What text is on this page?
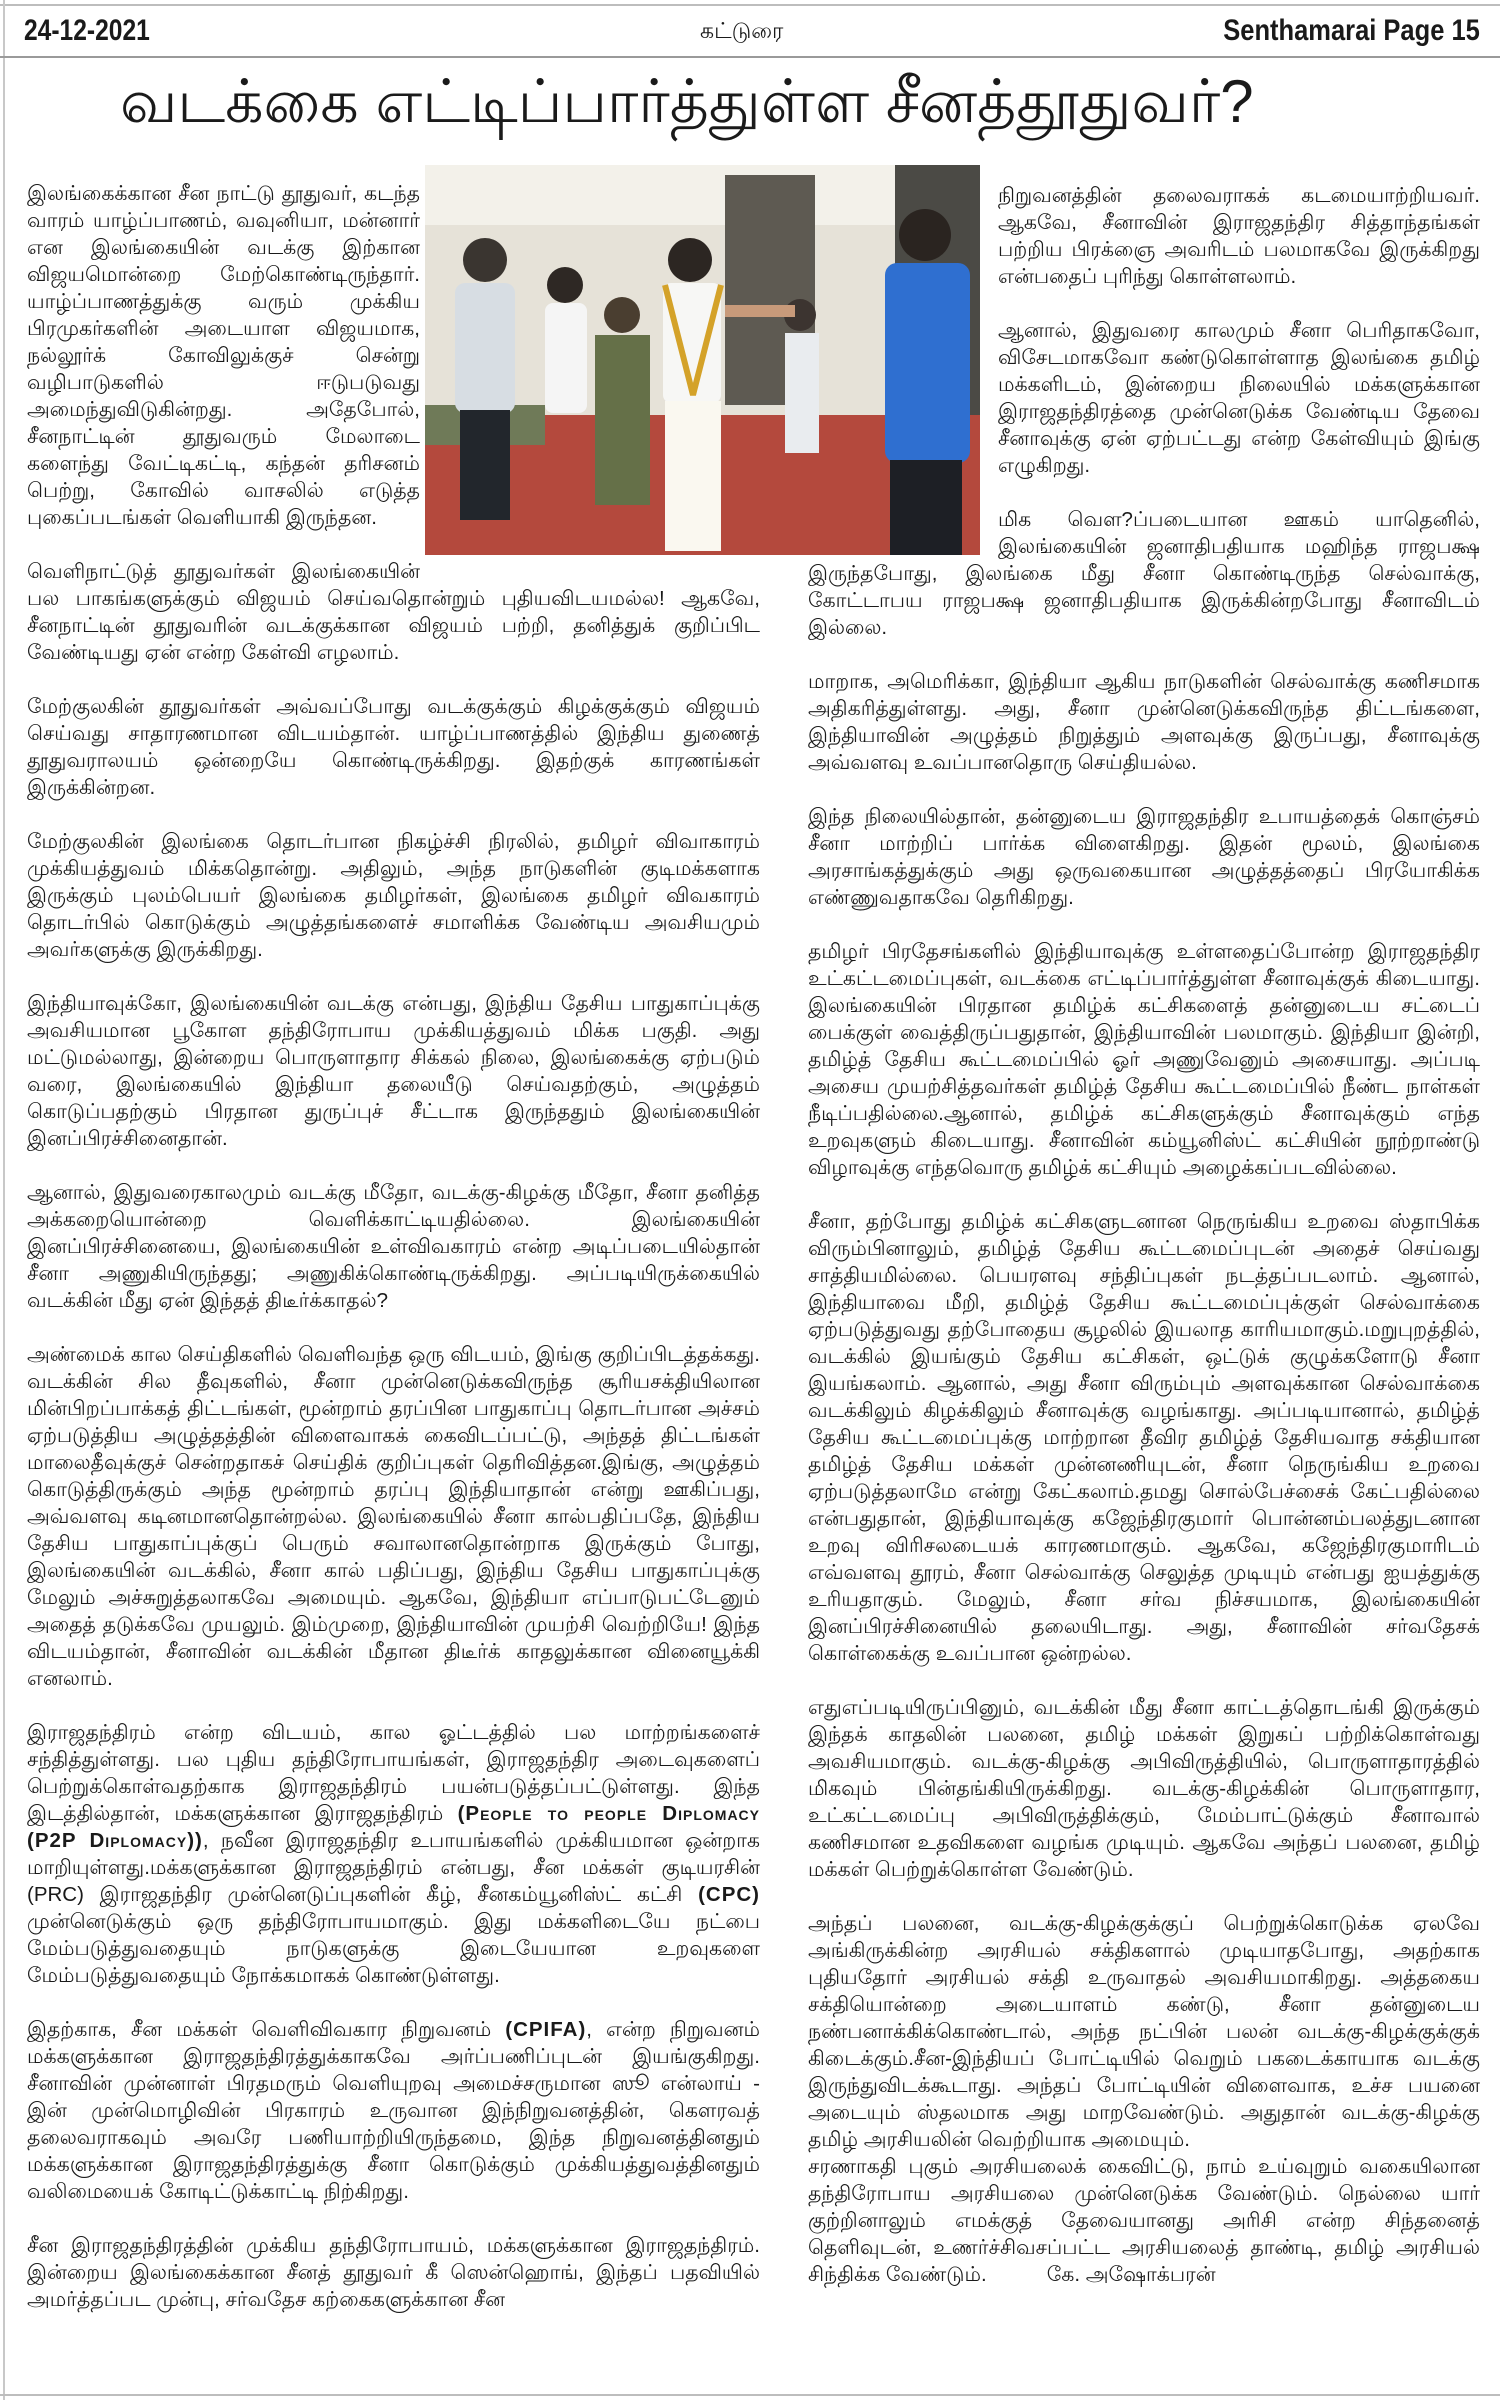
24-12-2021	கட்டுரை	Senthamarai Page 15
வடக்கை எட்டிப்பார்த்துள்ள சீனத்தூதுவர்?

இலங்கைக்கான சீன நாட்டு தூதுவர், கடந்த வாரம் யாழ்ப்பாணம், வவுனியா, மன்னார் என இலங்கையின் வடக்கு இற்கான விஜயமொன்றை மேற்கொண்டிருந்தார். யாழ்ப்பாணத்துக்கு வரும் முக்கிய பிரமுகர்களின் அடையாள விஜயமாக, நல்லூர்க் கோவிலுக்குச் சென்று வழிபாடுகளில் ஈடுபடுவது அமைந்துவிடுகின்றது. அதேபோல், சீனநாட்டின் தூதுவரும் மேலாடை களைந்து வேட்டிகட்டி, கந்தன் தரிசனம் பெற்று, கோவில் வாசலில் எடுத்த புகைப்படங்கள் வெளியாகி இருந்தன.

வெளிநாட்டுத் தூதுவர்கள் இலங்கையின் பல பாகங்களுக்கும் விஜயம் செய்வதொன்றும் புதியவிடயமல்ல! ஆகவே, சீனநாட்டின் தூதுவரின் வடக்குக்கான விஜயம் பற்றி, தனித்துக் குறிப்பிட வேண்டியது ஏன் என்ற கேள்வி எழலாம்.

மேற்குலகின் தூதுவர்கள் அவ்வப்போது வடக்குக்கும் கிழக்குக்கும் விஜயம் செய்வது சாதாரணமான விடயம்தான். யாழ்ப்பாணத்தில் இந்திய துணைத் தூதுவராலயம் ஒன்றையே கொண்டிருக்கிறது. இதற்குக் காரணங்கள் இருக்கின்றன.

மேற்குலகின் இலங்கை தொடர்பான நிகழ்ச்சி நிரலில், தமிழர் விவாகாரம் முக்கியத்துவம் மிக்கதொன்று. அதிலும், அந்த நாடுகளின் குடிமக்களாக இருக்கும் புலம்பெயர் இலங்கை தமிழர்கள், இலங்கை தமிழர் விவகாரம் தொடர்பில் கொடுக்கும் அழுத்தங்களைச் சமாளிக்க வேண்டிய அவசியமும் அவர்களுக்கு இருக்கிறது.

இந்தியாவுக்கோ, இலங்கையின் வடக்கு என்பது, இந்திய தேசிய பாதுகாப்புக்கு அவசியமான பூகோள தந்திரோபாய முக்கியத்துவம் மிக்க பகுதி. அது மட்டுமல்லாது, இன்றைய பொருளாதார சிக்கல் நிலை, இலங்கைக்கு ஏற்படும் வரை, இலங்கையில் இந்தியா தலையீடு செய்வதற்கும், அழுத்தம் கொடுப்பதற்கும் பிரதான துருப்புச் சீட்டாக இருந்ததும் இலங்கையின் இனப்பிரச்சினைதான்.

ஆனால், இதுவரைகாலமும் வடக்கு மீதோ, வடக்கு-கிழக்கு மீதோ, சீனா தனித்த அக்கறையொன்றை வெளிக்காட்டியதில்லை. இலங்கையின் இனப்பிரச்சினையை, இலங்கையின் உள்விவகாரம் என்ற அடிப்படையில்தான் சீனா அணுகியிருந்தது; அணுகிக்கொண்டிருக்கிறது. அப்படியிருக்கையில் வடக்கின் மீது ஏன் இந்தத் திடீர்க்காதல்?

அண்மைக் கால செய்திகளில் வெளிவந்த ஒரு விடயம், இங்கு குறிப்பிடத்தக்கது. வடக்கின் சில தீவுகளில், சீனா முன்னெடுக்கவிருந்த சூரியசக்தியிலான மின்பிறப்பாக்கத் திட்டங்கள், மூன்றாம் தரப்பின பாதுகாப்பு தொடர்பான அச்சம் ஏற்படுத்திய அழுத்தத்தின் விளைவாகக் கைவிடப்பட்டு, அந்தத் திட்டங்கள் மாலைதீவுக்குச் சென்றதாகச் செய்திக் குறிப்புகள் தெரிவித்தன.இங்கு, அழுத்தம் கொடுத்திருக்கும் அந்த மூன்றாம் தரப்பு இந்தியாதான் என்று ஊகிப்பது, அவ்வளவு கடினமானதொன்றல்ல. இலங்கையில் சீனா கால்பதிப்பதே, இந்திய தேசிய பாதுகாப்புக்குப் பெரும் சவாலானதொன்றாக இருக்கும் போது, இலங்கையின் வடக்கில், சீனா கால் பதிப்பது, இந்திய தேசிய பாதுகாப்புக்கு மேலும் அச்சுறுத்தலாகவே அமையும். ஆகவே, இந்தியா எப்பாடுபட்டேனும் அதைத் தடுக்கவே முயலும். இம்முறை, இந்தியாவின் முயற்சி வெற்றியே! இந்த விடயம்தான், சீனாவின் வடக்கின் மீதான திடீர்க் காதலுக்கான வினையூக்கி எனலாம்.

இராஜதந்திரம் என்ற விடயம், கால ஓட்டத்தில் பல மாற்றங்களைச் சந்தித்துள்ளது. பல புதிய தந்திரோபாயங்கள், இராஜதந்திர அடைவுகளைப் பெற்றுக்கொள்வதற்காக இராஜதந்திரம் பயன்படுத்தப்பட்டுள்ளது. இந்த இடத்தில்தான், மக்களுக்கான இராஜதந்திரம் (People to people Diplomacy (P2P Diplomacy)), நவீன இராஜதந்திர உபாயங்களில் முக்கியமான ஒன்றாக மாறியுள்ளது.மக்களுக்கான இராஜதந்திரம் என்பது, சீன மக்கள் குடியரசின் (PRC) இராஜதந்திர முன்னெடுப்புகளின் கீழ், சீனகம்யூனிஸ்ட் கட்சி (CPC) முன்னெடுக்கும் ஒரு தந்திரோபாயமாகும். இது மக்களிடையே நட்பை மேம்படுத்துவதையும் நாடுகளுக்கு இடையேயான உறவுகளை மேம்படுத்துவதையும் நோக்கமாகக் கொண்டுள்ளது.

இதற்காக, சீன மக்கள் வெளிவிவகார நிறுவனம் (CPIFA), என்ற நிறுவனம் மக்களுக்கான இராஜதந்திரத்துக்காகவே அர்ப்பணிப்புடன் இயங்குகிறது. சீனாவின் முன்னாள் பிரதமரும் வெளியுறவு அமைச்சருமான ஸூ என்லாய் - இன் முன்மொழிவின் பிரகாரம் உருவான இந்நிறுவனத்தின், கௌரவத் தலைவராகவும் அவரே பணியாற்றியிருந்தமை, இந்த நிறுவனத்தினதும் மக்களுக்கான இராஜதந்திரத்துக்கு சீனா கொடுக்கும் முக்கியத்துவத்தினதும் வலிமையைக் கோடிட்டுக்காட்டி நிற்கிறது.

சீன இராஜதந்திரத்தின் முக்கிய தந்திரோபாயம், மக்களுக்கான இராஜதந்திரம். இன்றைய இலங்கைக்கான சீனத் தூதுவர் கீ ஸென்ஹொங், இந்தப் பதவியில் அமர்த்தப்பட முன்பு, சர்வதேச கற்கைகளுக்கான சீன

நிறுவனத்தின் தலைவராகக் கடமையாற்றியவர். ஆகவே, சீனாவின் இராஜதந்திர சித்தாந்தங்கள் பற்றிய பிரக்ஞை அவரிடம் பலமாகவே இருக்கிறது என்பதைப் புரிந்து கொள்ளலாம்.

ஆனால், இதுவரை காலமும் சீனா பெரிதாகவோ, விசேடமாகவோ கண்டுகொள்ளாத இலங்கை தமிழ் மக்களிடம், இன்றைய நிலையில் மக்களுக்கான இராஜதந்திரத்தை முன்னெடுக்க வேண்டிய தேவை சீனாவுக்கு ஏன் ஏற்பட்டது என்ற கேள்வியும் இங்கு எழுகிறது.

மிக வெள?ப்படையான ஊகம் யாதெனில், இலங்கையின் ஜனாதிபதியாக மஹிந்த ராஜபக்ஷ இருந்தபோது, இலங்கை மீது சீனா கொண்டிருந்த செல்வாக்கு, கோட்டாபய ராஜபக்ஷ ஜனாதிபதியாக இருக்கின்றபோது சீனாவிடம் இல்லை.

மாறாக, அமெரிக்கா, இந்தியா ஆகிய நாடுகளின் செல்வாக்கு கணிசமாக அதிகரித்துள்ளது. அது, சீனா முன்னெடுக்கவிருந்த திட்டங்களை, இந்தியாவின் அழுத்தம் நிறுத்தும் அளவுக்கு இருப்பது, சீனாவுக்கு அவ்வளவு உவப்பானதொரு செய்தியல்ல.

இந்த நிலையில்தான், தன்னுடைய இராஜதந்திர உபாயத்தைக் கொஞ்சம் சீனா மாற்றிப் பார்க்க விளைகிறது. இதன் மூலம், இலங்கை அரசாங்கத்துக்கும் அது ஒருவகையான அழுத்தத்தைப் பிரயோகிக்க எண்ணுவதாகவே தெரிகிறது.

தமிழர் பிரதேசங்களில் இந்தியாவுக்கு உள்ளதைப்போன்ற இராஜதந்திர உட்கட்டமைப்புகள், வடக்கை எட்டிப்பார்த்துள்ள சீனாவுக்குக் கிடையாது. இலங்கையின் பிரதான தமிழ்க் கட்சிகளைத் தன்னுடைய சட்டைப் பைக்குள் வைத்திருப்பதுதான், இந்தியாவின் பலமாகும். இந்தியா இன்றி, தமிழ்த் தேசிய கூட்டமைப்பில் ஓர் அணுவேனும் அசையாது. அப்படி அசைய முயற்சித்தவர்கள் தமிழ்த் தேசிய கூட்டமைப்பில் நீண்ட நாள்கள் நீடிப்பதில்லை.ஆனால், தமிழ்க் கட்சிகளுக்கும் சீனாவுக்கும் எந்த உறவுகளும் கிடையாது. சீனாவின் கம்யூனிஸ்ட் கட்சியின் நூற்றாண்டு விழாவுக்கு எந்தவொரு தமிழ்க் கட்சியும் அழைக்கப்படவில்லை.

சீனா, தற்போது தமிழ்க் கட்சிகளுடனான நெருங்கிய உறவை ஸ்தாபிக்க விரும்பினாலும், தமிழ்த் தேசிய கூட்டமைப்புடன் அதைச் செய்வது சாத்தியமில்லை. பெயரளவு சந்திப்புகள் நடத்தப்படலாம். ஆனால், இந்தியாவை மீறி, தமிழ்த் தேசிய கூட்டமைப்புக்குள் செல்வாக்கை ஏற்படுத்துவது தற்போதைய சூழலில் இயலாத காரியமாகும்.மறுபுறத்தில், வடக்கில் இயங்கும் தேசிய கட்சிகள், ஒட்டுக் குழுக்களோடு சீனா இயங்கலாம். ஆனால், அது சீனா விரும்பும் அளவுக்கான செல்வாக்கை வடக்கிலும் கிழக்கிலும் சீனாவுக்கு வழங்காது. அப்படியானால், தமிழ்த் தேசிய கூட்டமைப்புக்கு மாற்றான தீவிர தமிழ்த் தேசியவாத சக்தியான தமிழ்த் தேசிய மக்கள் முன்னணியுடன், சீனா நெருங்கிய உறவை ஏற்படுத்தலாமே என்று கேட்கலாம்.தமது சொல்பேச்சைக் கேட்பதில்லை என்பதுதான், இந்தியாவுக்கு கஜேந்திரகுமார் பொன்னம்பலத்துடனான உறவு விரிசலடையக் காரணமாகும். ஆகவே, கஜேந்திரகுமாரிடம் எவ்வளவு தூரம், சீனா செல்வாக்கு செலுத்த முடியும் என்பது ஐயத்துக்கு உரியதாகும். மேலும், சீனா சர்வ நிச்சயமாக, இலங்கையின் இனப்பிரச்சினையில் தலையிடாது. அது, சீனாவின் சர்வதேசக் கொள்கைக்கு உவப்பான ஒன்றல்ல.

எதுஎப்படியிருப்பினும், வடக்கின் மீது சீனா காட்டத்தொடங்கி இருக்கும் இந்தக் காதலின் பலனை, தமிழ் மக்கள் இறுகப் பற்றிக்கொள்வது அவசியமாகும். வடக்கு-கிழக்கு அபிவிருத்தியில், பொருளாதாரத்தில் மிகவும் பின்தங்கியிருக்கிறது. வடக்கு-கிழக்கின் பொருளாதார, உட்கட்டமைப்பு அபிவிருத்திக்கும், மேம்பாட்டுக்கும் சீனாவால் கணிசமான உதவிகளை வழங்க முடியும். ஆகவே அந்தப் பலனை, தமிழ் மக்கள் பெற்றுக்கொள்ள வேண்டும்.

அந்தப் பலனை, வடக்கு-கிழக்குக்குப் பெற்றுக்கொடுக்க ஏலவே அங்கிருக்கின்ற அரசியல் சக்திகளால் முடியாதபோது, அதற்காக புதியதோர் அரசியல் சக்தி உருவாதல் அவசியமாகிறது. அத்தகைய சக்தியொன்றை அடையாளம் கண்டு, சீனா தன்னுடைய நண்பனாக்கிக்கொண்டால், அந்த நட்பின் பலன் வடக்கு-கிழக்குக்குக் கிடைக்கும்.சீன-இந்தியப் போட்டியில் வெறும் பகடைக்காயாக வடக்கு இருந்துவிடக்கூடாது. அந்தப் போட்டியின் விளைவாக, உச்ச பயனை அடையும் ஸ்தலமாக அது மாறவேண்டும். அதுதான் வடக்கு-கிழக்கு தமிழ் அரசியலின் வெற்றியாக அமையும்.

சரணாகதி புகும் அரசியலைக் கைவிட்டு, நாம் உய்வுறும் வகையிலான தந்திரோபாய அரசியலை முன்னெடுக்க வேண்டும். நெல்லை யார் குற்றினாலும் எமக்குத் தேவையானது அரிசி என்ற சிந்தனைத் தெளிவுடன், உணர்ச்சிவசப்பட்ட அரசியலைத் தாண்டி, தமிழ் அரசியல் சிந்திக்க வேண்டும்.	கே. அஷோக்பரன்
